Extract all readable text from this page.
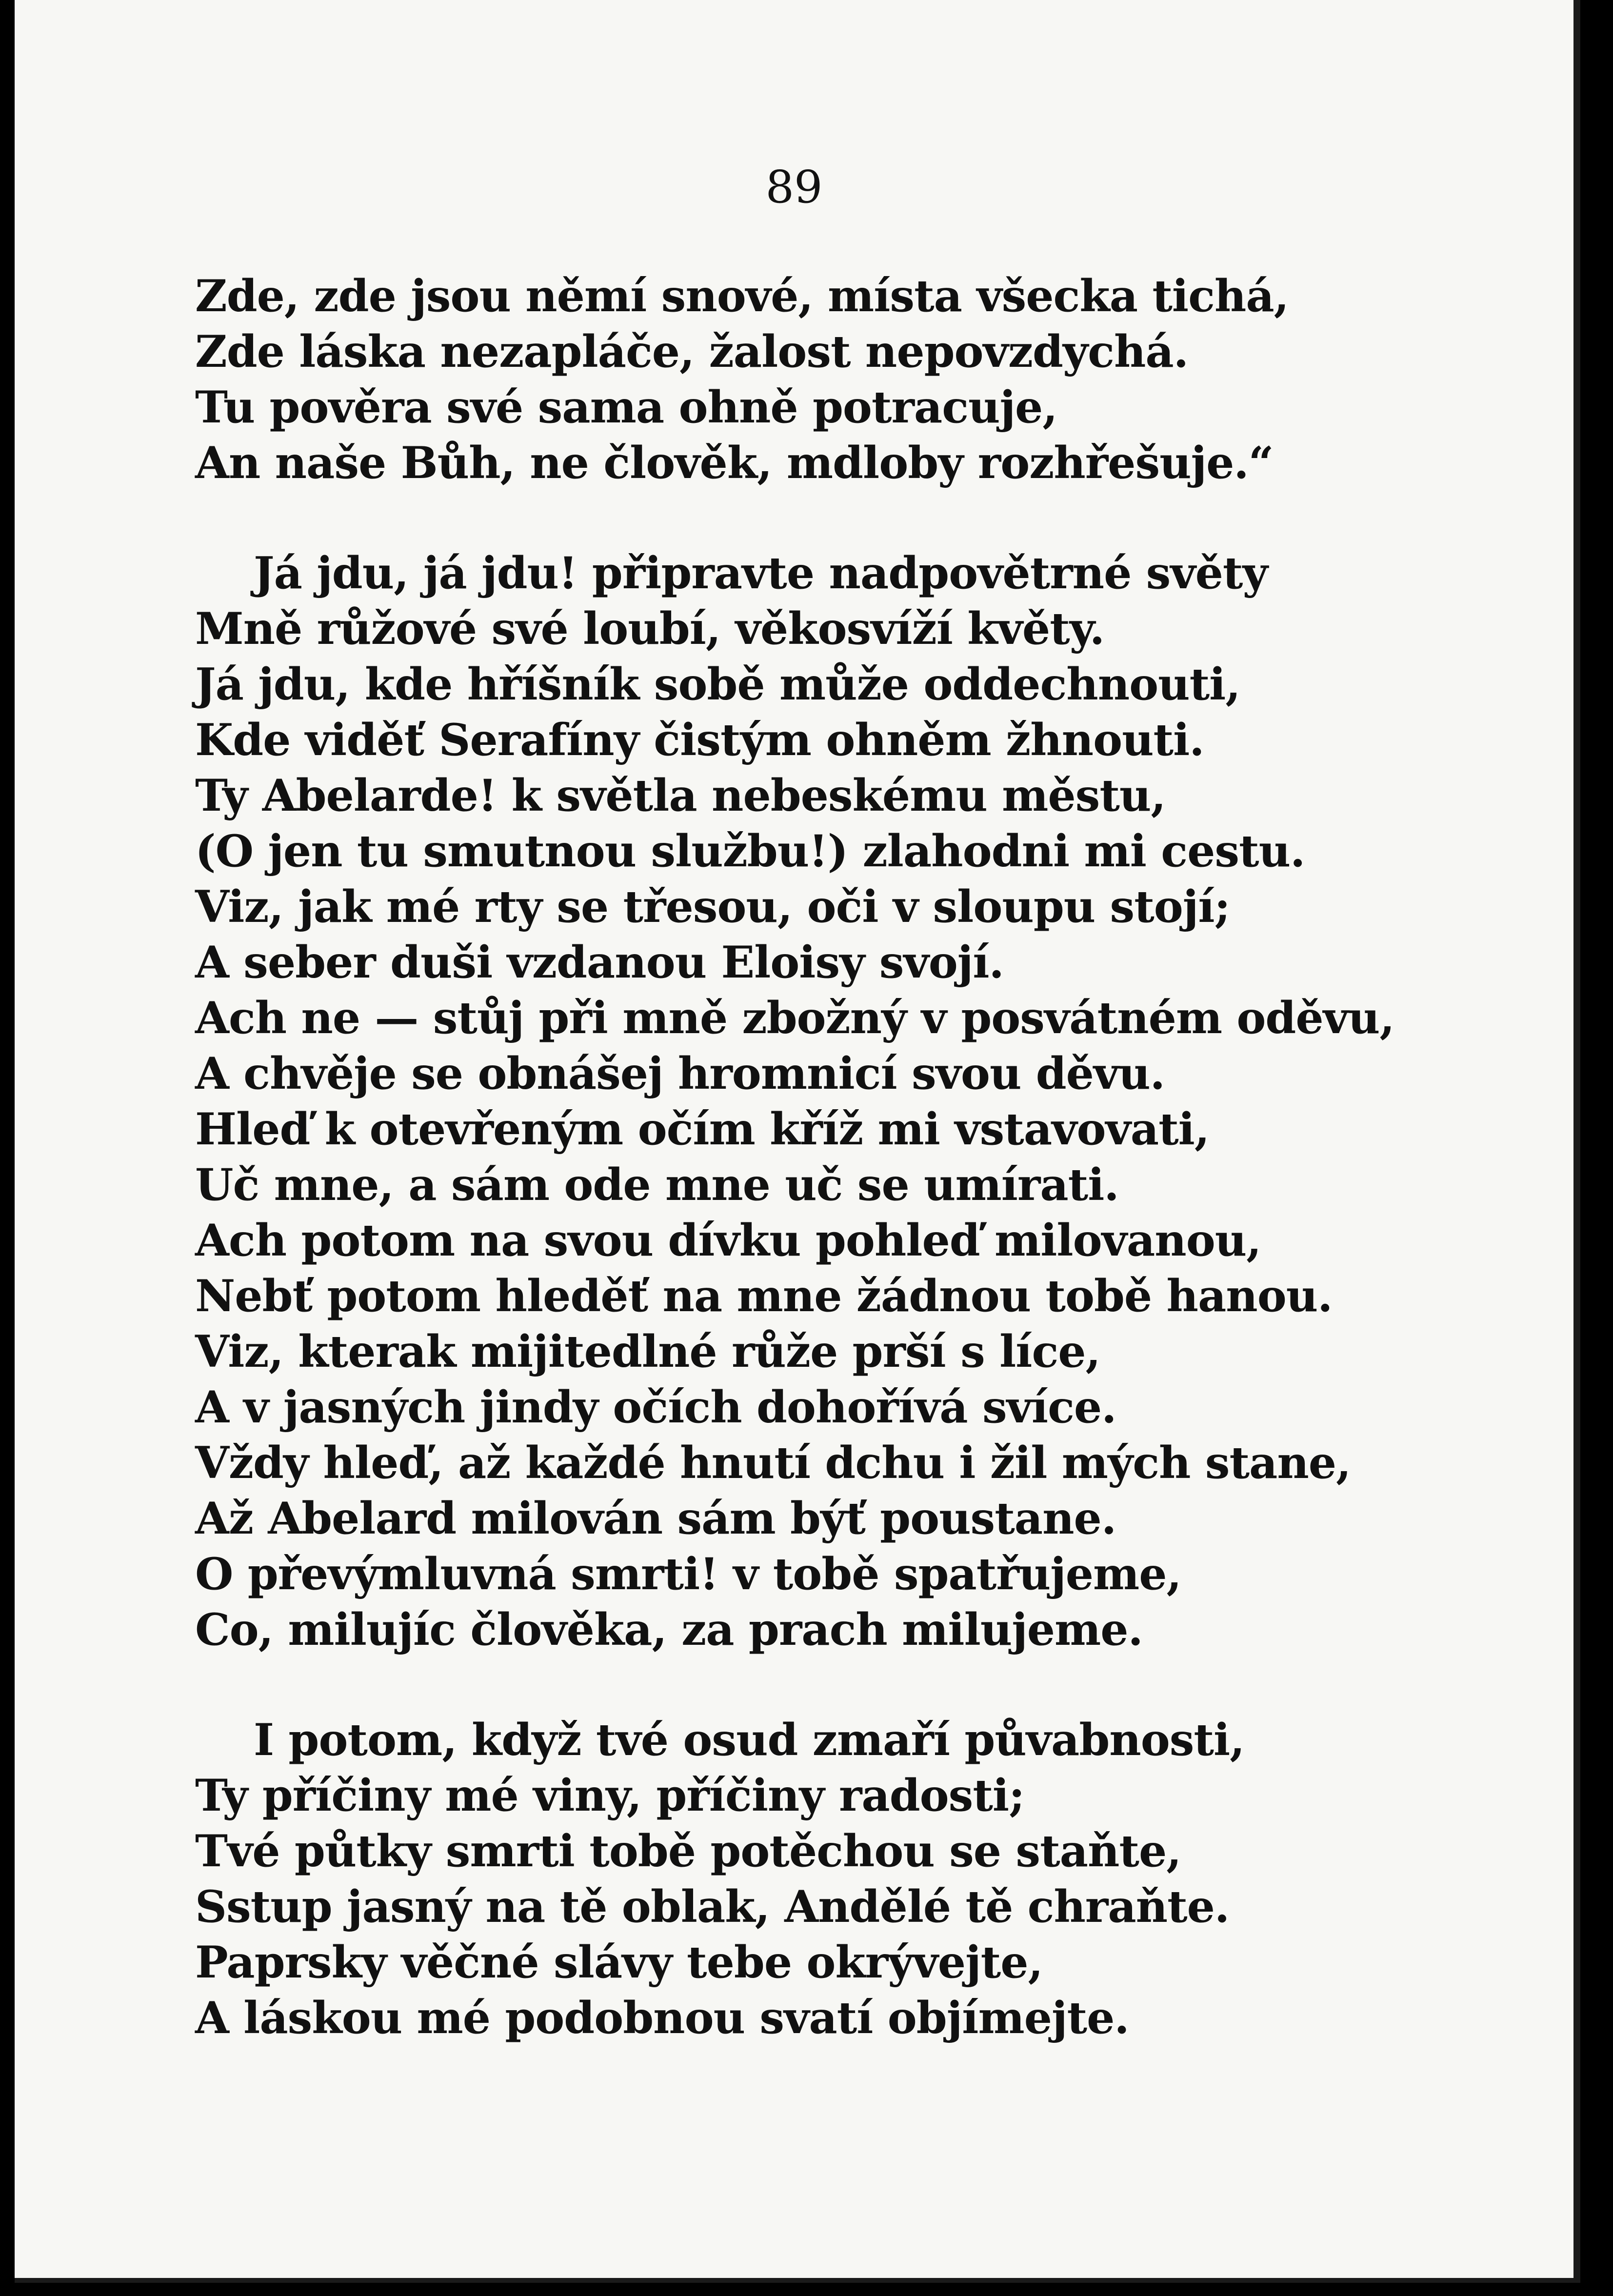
89
Zde, zde jsou němí snové, místa všecka tichá,
Zde láska nezapláče, žalost nepovzdychá.
Tu pověra své sama ohně potracuje,
An naše Bůh, ne člověk, mdloby rozhřešuje.“
Já jdu, já jdu! připravte nadpovětrné světy
Mně růžové své loubí, věkosvíží květy.
Já jdu, kde hříšník sobě může oddechnouti,
Kde viděť Serafíny čistým ohněm žhnouti.
Ty Abelarde! k světla nebeskému městu,
(O jen tu smutnou službu!) zlahodni mi cestu.
Viz, jak mé rty se třesou, oči v sloupu stojí;
A seber duši vzdanou Eloisy svojí.
Ach ne — stůj při mně zbožný v posvátném oděvu,
A chvěje se obnášej hromnicí svou děvu.
Hleď k otevřeným očím kříž mi vstavovati,
Uč mne, a sám ode mne uč se umírati.
Ach potom na svou dívku pohleď milovanou,
Nebť potom hleděť na mne žádnou tobě hanou.
Viz, kterak mijitedlné růže prší s líce,
A v jasných jindy očích dohořívá svíce.
Vždy hleď, až každé hnutí dchu i žil mých stane,
Až Abelard milován sám býť poustane.
O převýmluvná smrti! v tobě spatřujeme,
Co, milujíc člověka, za prach milujeme.
I potom, když tvé osud zmaří půvabnosti,
Ty příčiny mé viny, příčiny radosti;
Tvé půtky smrti tobě potěchou se staňte,
Sstup jasný na tě oblak, Andělé tě chraňte.
Paprsky věčné slávy tebe okrývejte,
A láskou mé podobnou svatí objímejte.
